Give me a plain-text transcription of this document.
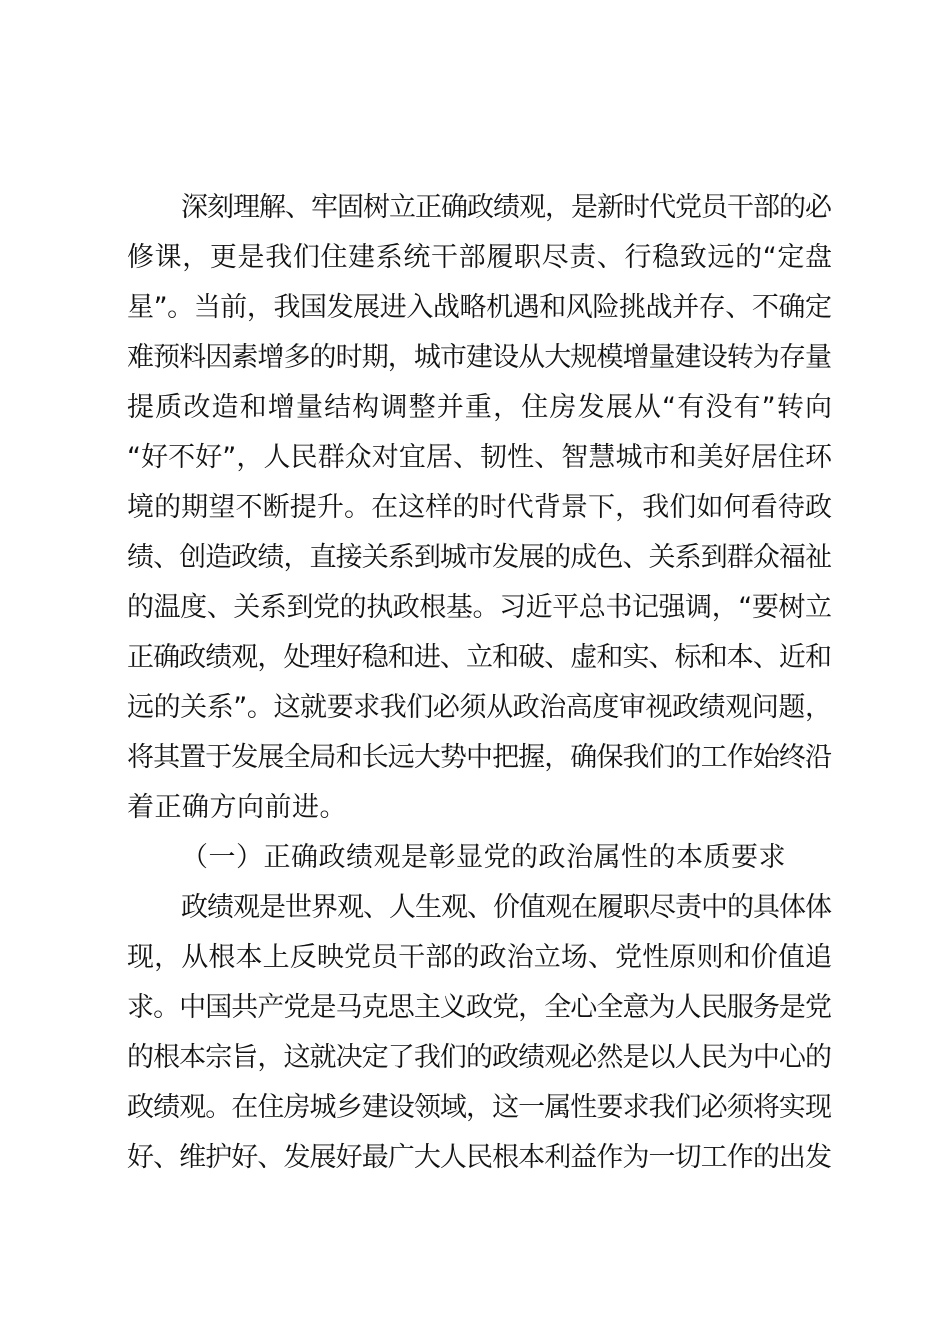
深刻理解、牢固树立正确政绩观，是新时代党员干部的必
修课，更是我们住建系统干部履职尽责、行稳致远的“定盘
星”。当前，我国发展进入战略机遇和风险挑战并存、不确定
难预料因素增多的时期，城市建设从大规模增量建设转为存量
提质改造和增量结构调整并重，住房发展从“有没有”转向
“好不好”，人民群众对宜居、韧性、智慧城市和美好居住环
境的期望不断提升。在这样的时代背景下，我们如何看待政
绩、创造政绩，直接关系到城市发展的成色、关系到群众福祉
的温度、关系到党的执政根基。习近平总书记强调，“要树立
正确政绩观，处理好稳和进、立和破、虚和实、标和本、近和
远的关系”。这就要求我们必须从政治高度审视政绩观问题，
将其置于发展全局和长远大势中把握，确保我们的工作始终沿
着正确方向前进。
（一）正确政绩观是彰显党的政治属性的本质要求
政绩观是世界观、人生观、价值观在履职尽责中的具体体
现，从根本上反映党员干部的政治立场、党性原则和价值追
求。中国共产党是马克思主义政党，全心全意为人民服务是党
的根本宗旨，这就决定了我们的政绩观必然是以人民为中心的
政绩观。在住房城乡建设领域，这一属性要求我们必须将实现
好、维护好、发展好最广大人民根本利益作为一切工作的出发
